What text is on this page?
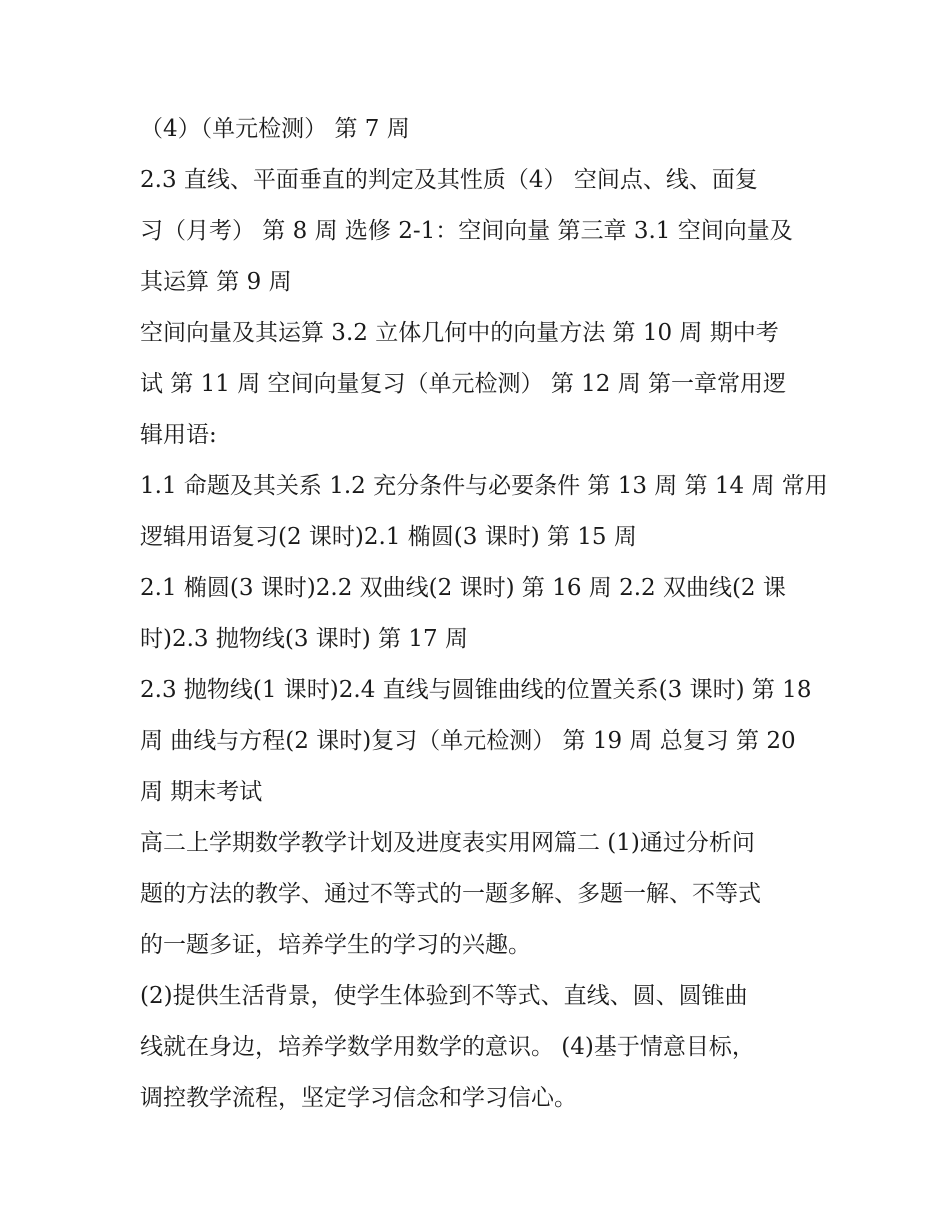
（4）（单元检测） 第 7 周

2.3 直线、平面垂直的判定及其性质（4） 空间点、线、面复
习（月考） 第 8 周 选修 2-1：空间向量 第三章 3.1 空间向量及
其运算 第 9 周

空间向量及其运算 3.2 立体几何中的向量方法 第 10 周 期中考
试 第 11 周 空间向量复习（单元检测） 第 12 周 第一章常用逻
辑用语:

1.1 命题及其关系 1.2 充分条件与必要条件 第 13 周 第 14 周 常用
逻辑用语复习(2 课时)2.1 椭圆(3 课时) 第 15 周

2.1 椭圆(3 课时)2.2 双曲线(2 课时) 第 16 周 2.2 双曲线(2 课
时)2.3 抛物线(3 课时) 第 17 周

2.3 抛物线(1 课时)2.4 直线与圆锥曲线的位置关系(3 课时) 第 18
周 曲线与方程(2 课时)复习（单元检测） 第 19 周 总复习 第 20
周 期末考试

高二上学期数学教学计划及进度表实用网篇二 (1)通过分析问
题的方法的教学、通过不等式的一题多解、多题一解、不等式
的一题多证，培养学生的学习的兴趣。

(2)提供生活背景，使学生体验到不等式、直线、圆、圆锥曲
线就在身边，培养学数学用数学的意识。 (4)基于情意目标，
调控教学流程，坚定学习信念和学习信心。
